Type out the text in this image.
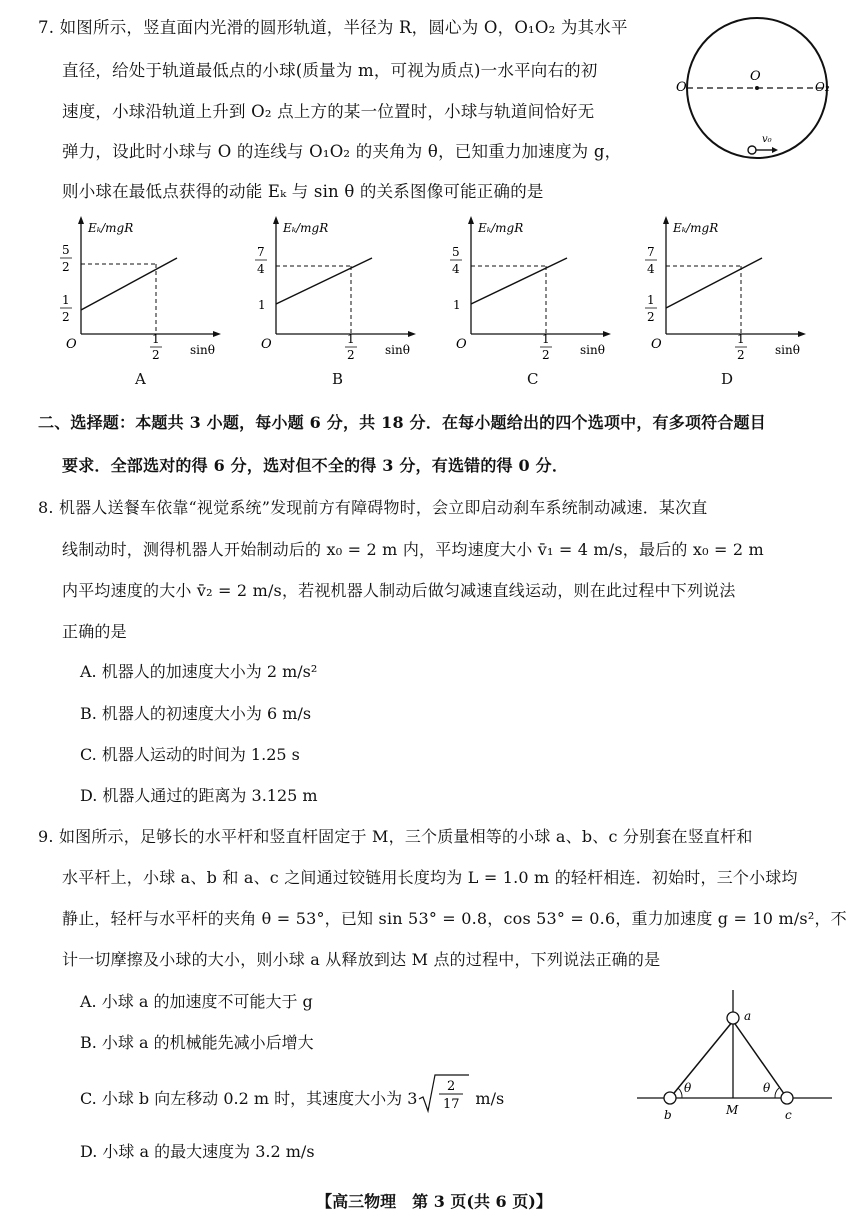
7. 如图所示，竖直面内光滑的圆形轨道，半径为 R，圆心为 O，O₁O₂ 为其水平
直径，给处于轨道最低点的小球(质量为 m，可视为质点)一水平向右的初
速度，小球沿轨道上升到 O₂ 点上方的某一位置时，小球与轨道间恰好无
弹力，设此时小球与 O 的连线与 O₁O₂ 的夹角为 θ，已知重力加速度为 g，
则小球在最低点获得的动能 Eₖ 与 sin θ 的关系图像可能正确的是
O
O
O₂
v₀
Eₖ/mgR
5
2
1
2
O	1
2	sinθ
A
Eₖ/mgR
7
4
1
O	1
2	sinθ
B
Eₖ/mgR
5
4
1
O	1
2	sinθ
C
Eₖ/mgR
7
4
1
2
O	1
2	sinθ
D
二、选择题：本题共 3 小题，每小题 6 分，共 18 分．在每小题给出的四个选项中，有多项符合题目
要求．全部选对的得 6 分，选对但不全的得 3 分，有选错的得 0 分．
8. 机器人送餐车依靠“视觉系统”发现前方有障碍物时，会立即启动刹车系统制动减速．某次直
线制动时，测得机器人开始制动后的 x₀ = 2 m 内，平均速度大小 v̄₁ = 4 m/s，最后的 x₀ = 2 m
内平均速度的大小 v̄₂ = 2 m/s，若视机器人制动后做匀减速直线运动，则在此过程中下列说法
正确的是
A. 机器人的加速度大小为 2 m/s²
B. 机器人的初速度大小为 6 m/s
C. 机器人运动的时间为 1.25 s
D. 机器人通过的距离为 3.125 m
9. 如图所示，足够长的水平杆和竖直杆固定于 M，三个质量相等的小球 a、b、c 分别套在竖直杆和
水平杆上，小球 a、b 和 a、c 之间通过铰链用长度均为 L = 1.0 m 的轻杆相连．初始时，三个小球均
静止，轻杆与水平杆的夹角 θ = 53°，已知 sin 53° = 0.8，cos 53° = 0.6，重力加速度 g = 10 m/s²，不
计一切摩擦及小球的大小，则小球 a 从释放到达 M 点的过程中，下列说法正确的是
A. 小球 a 的加速度不可能大于 g
B. 小球 a 的机械能先减小后增大
C. 小球 b 向左移动 0.2 m 时，其速度大小为 3
2
17 m/s
D. 小球 a 的最大速度为 3.2 m/s
a
b	c
M
θ	θ
【高三物理　第 3 页(共 6 页)】
